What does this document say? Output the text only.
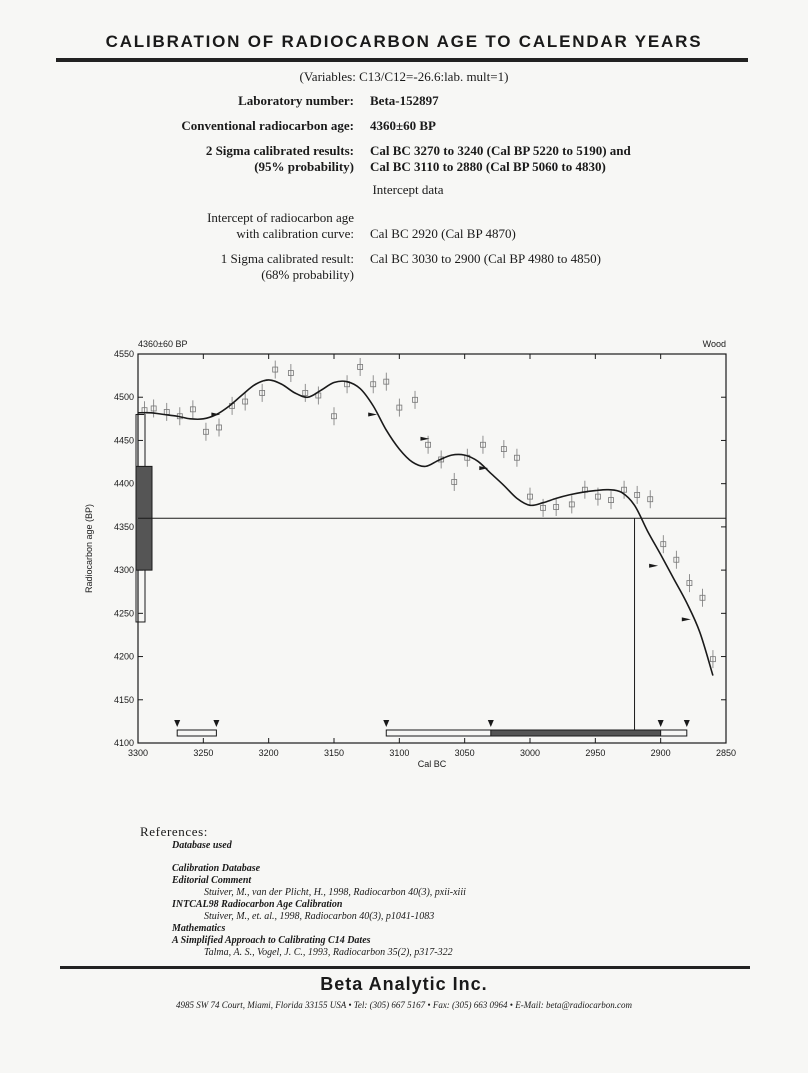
CALIBRATION OF RADIOCARBON AGE TO CALENDAR YEARS
(Variables: C13/C12=-26.6:lab. mult=1)
Laboratory number: Beta-152897
Conventional radiocarbon age: 4360±60 BP
2 Sigma calibrated results:
(95% probability)
Cal BC 3270 to 3240 (Cal BP 5220 to 5190) and
Cal BC 3110 to 2880 (Cal BP 5060 to 4830)
Intercept data
Intercept of radiocarbon age
with calibration curve: Cal BC 2920 (Cal BP 4870)
1 Sigma calibrated result:
(68% probability)
Cal BC 3030 to 2900 (Cal BP 4980 to 4850)
4360±60 BP	Wood
4550
4500
4450
4400
4350
4300
4250
4200
4150
4100
3300	3250	3200	3150	3100	3050	3000	2950	2900	2850
Cal BC
Radiocarbon age (BP)
References:
Database used
Calibration Database
Editorial Comment
Stuiver, M., van der Plicht, H., 1998, Radiocarbon 40(3), pxii-xiii
INTCAL98 Radiocarbon Age Calibration
Stuiver, M., et. al., 1998, Radiocarbon 40(3), p1041-1083
Mathematics
A Simplified Approach to Calibrating C14 Dates
Talma, A. S., Vogel, J. C., 1993, Radiocarbon 35(2), p317-322
Beta Analytic Inc.
4985 SW 74 Court, Miami, Florida 33155 USA • Tel: (305) 667 5167 • Fax: (305) 663 0964 • E-Mail: beta@radiocarbon.com
